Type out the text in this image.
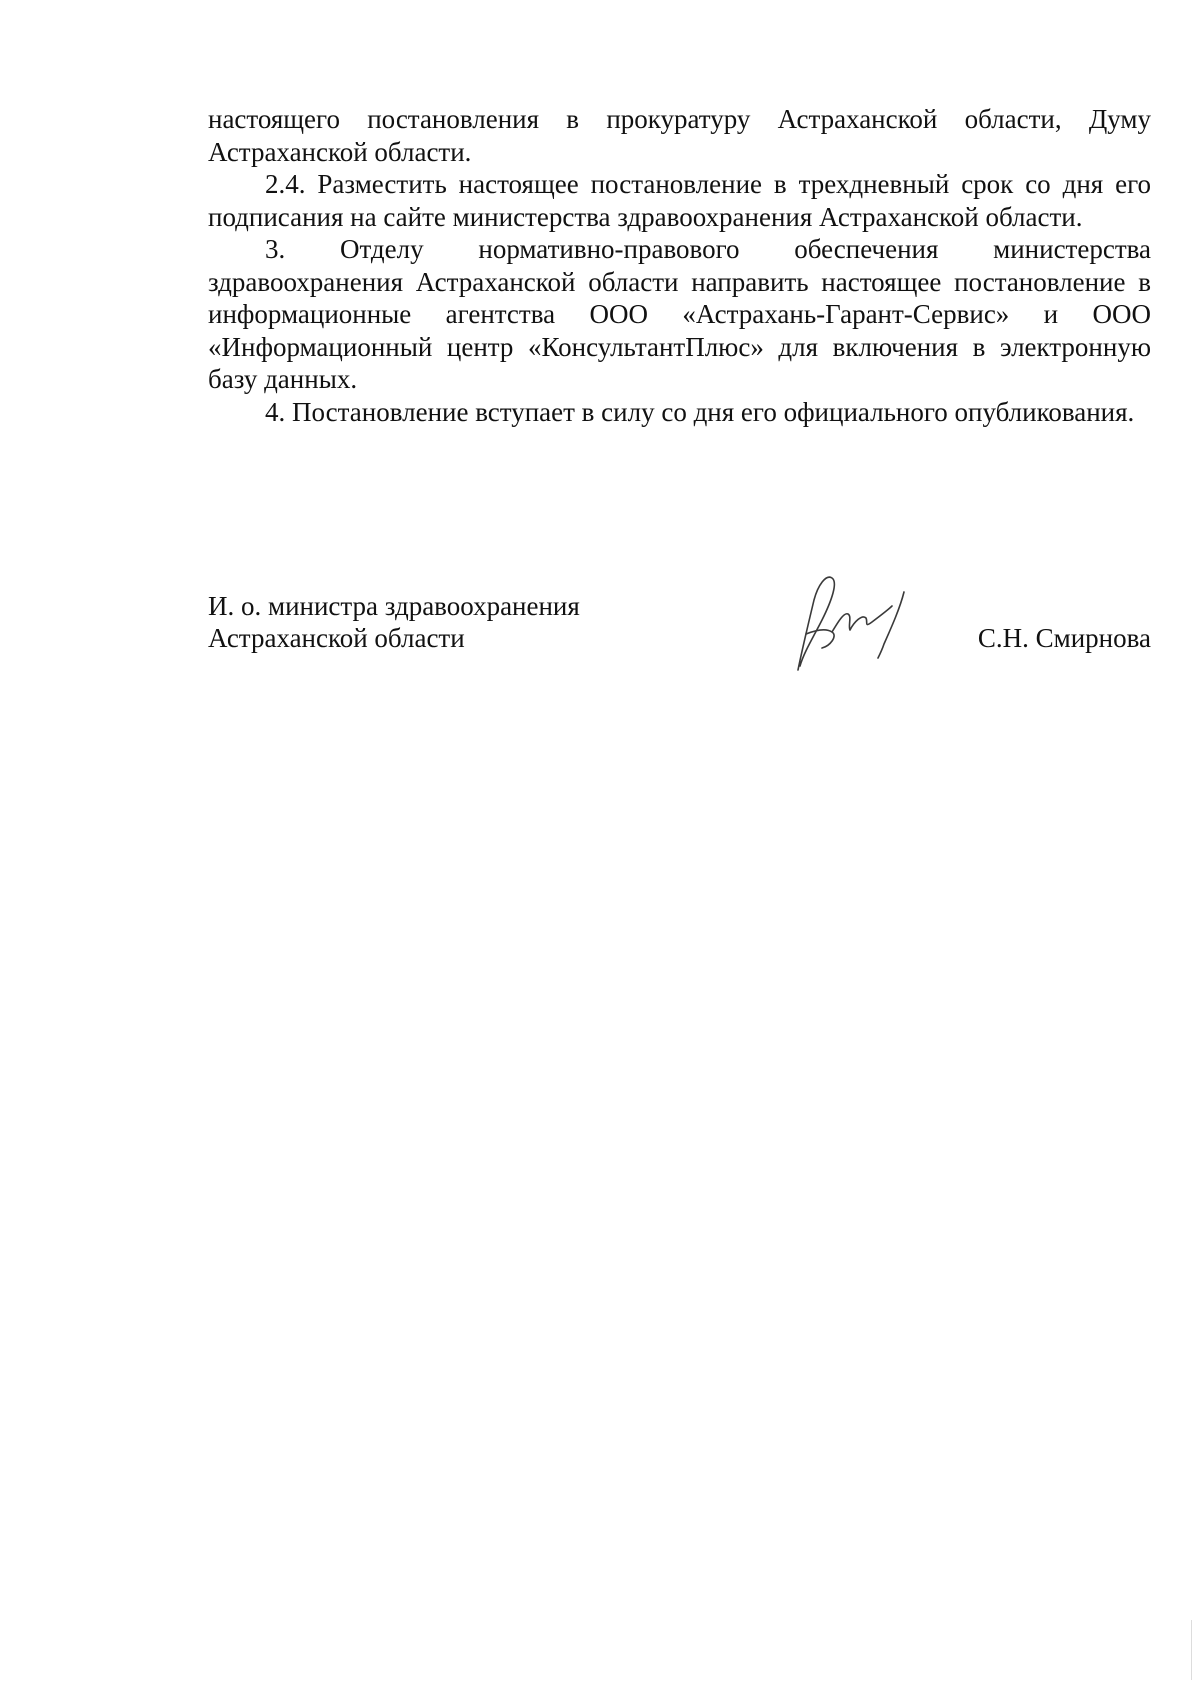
настоящего постановления в прокуратуру Астраханской области, Думу Астраханской области.

2.4. Разместить настоящее постановление в трехдневный срок со дня его подписания на сайте министерства здравоохранения Астраханской области.

3. Отделу нормативно-правового обеспечения министерства здравоохранения Астраханской области направить настоящее постановление в информационные агентства ООО «Астрахань-Гарант-Сервис» и ООО «Информационный центр «КонсультантПлюс» для включения в электронную базу данных.

4. Постановление вступает в силу со дня его официального опубликования.

И. о. министра здравоохранения
Астраханской области	С.Н. Смирнова
